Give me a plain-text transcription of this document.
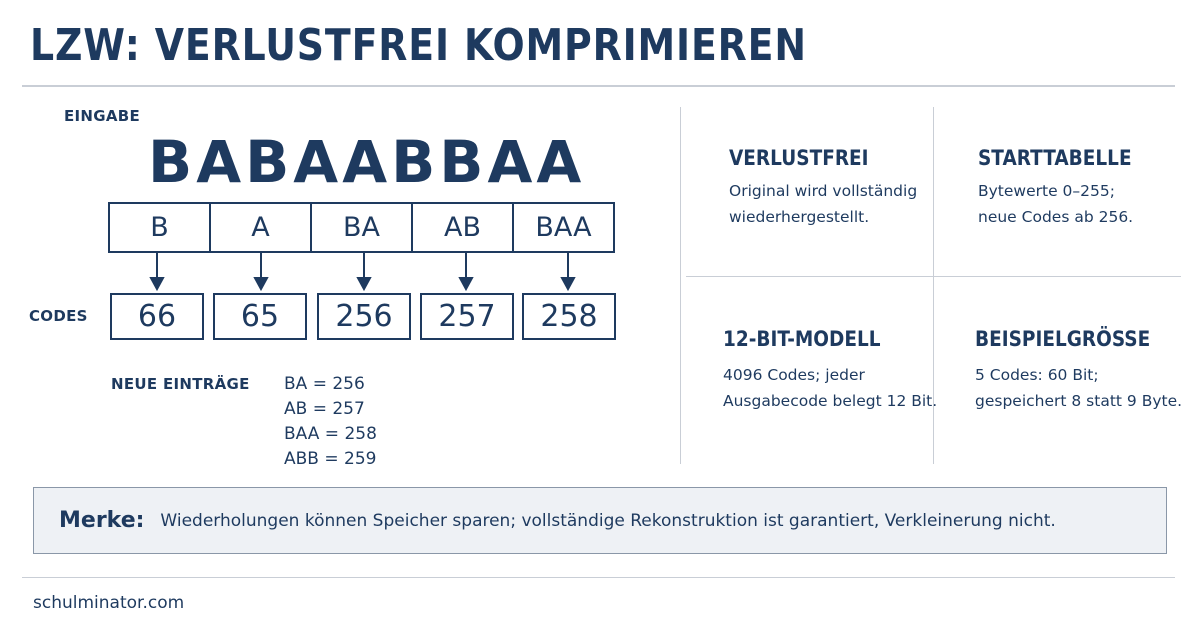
LZW: VERLUSTFREI KOMPRIMIEREN
EINGABE
BABAABBAA
B	A	BA	AB	BAA
CODES	66	65	256	257	258
NEUE EINTRÄGE BA = 256
AB = 257
BAA = 258
ABB = 259
VERLUSTFREI
Original wird vollständig
wiederhergestellt.
STARTTABELLE
Bytewerte 0–255;
neue Codes ab 256.
12-BIT-MODELL
4096 Codes; jeder
Ausgabecode belegt 12 Bit.
BEISPIELGRÖSSE
5 Codes: 60 Bit;
gespeichert 8 statt 9 Byte.
Merke: Wiederholungen können Speicher sparen; vollständige Rekonstruktion ist garantiert, Verkleinerung nicht.
schulminator.com
